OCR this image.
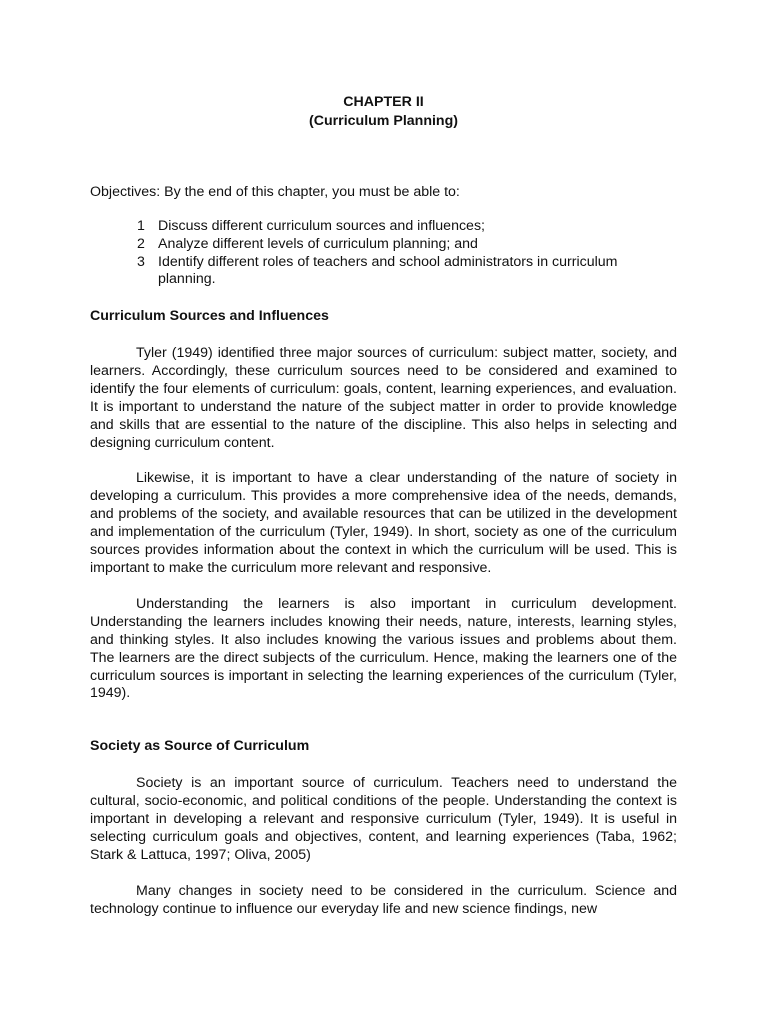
CHAPTER II
(Curriculum Planning)

Objectives: By the end of this chapter, you must be able to:

1 Discuss different curriculum sources and influences;
2 Analyze different levels of curriculum planning; and
3 Identify different roles of teachers and school administrators in curriculum planning.
Curriculum Sources and Influences

Tyler (1949) identified three major sources of curriculum: subject matter, society, and learners. Accordingly, these curriculum sources need to be considered and examined to identify the four elements of curriculum: goals, content, learning experiences, and evaluation. It is important to understand the nature of the subject matter in order to provide knowledge and skills that are essential to the nature of the discipline. This also helps in selecting and designing curriculum content.

Likewise, it is important to have a clear understanding of the nature of society in developing a curriculum. This provides a more comprehensive idea of the needs, demands, and problems of the society, and available resources that can be utilized in the development and implementation of the curriculum (Tyler, 1949). In short, society as one of the curriculum sources provides information about the context in which the curriculum will be used. This is important to make the curriculum more relevant and responsive.

Understanding the learners is also important in curriculum development. Understanding the learners includes knowing their needs, nature, interests, learning styles, and thinking styles. It also includes knowing the various issues and problems about them. The learners are the direct subjects of the curriculum. Hence, making the learners one of the curriculum sources is important in selecting the learning experiences of the curriculum (Tyler, 1949).

Society as Source of Curriculum

Society is an important source of curriculum. Teachers need to understand the cultural, socio-economic, and political conditions of the people. Understanding the context is important in developing a relevant and responsive curriculum (Tyler, 1949). It is useful in selecting curriculum goals and objectives, content, and learning experiences (Taba, 1962; Stark & Lattuca, 1997; Oliva, 2005)

Many changes in society need to be considered in the curriculum. Science and technology continue to influence our everyday life and new science findings, new
